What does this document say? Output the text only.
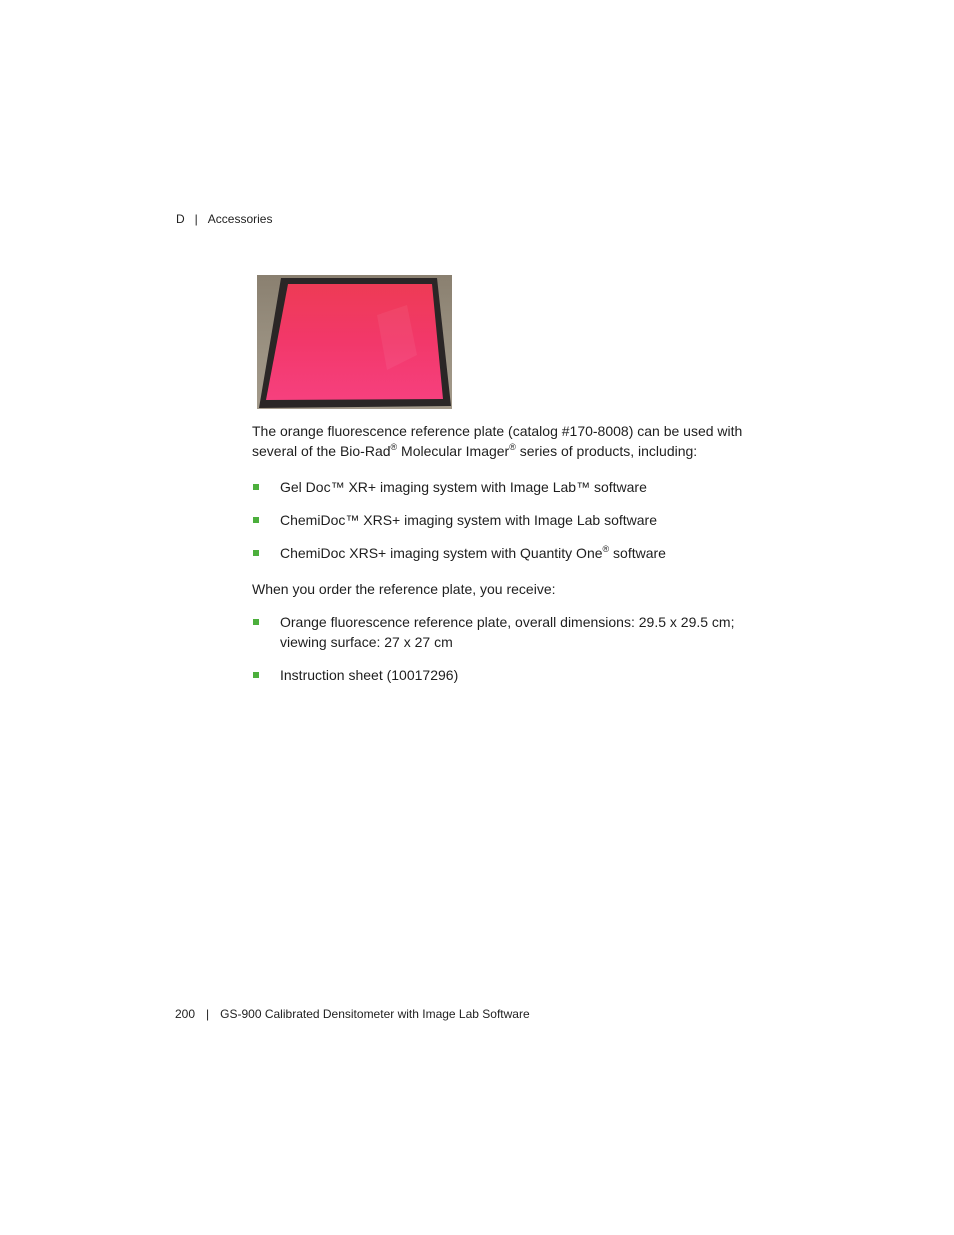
D | Accessories
The orange fluorescence reference plate (catalog #170-8008) can be used with several of the Bio-Rad® Molecular Imager® series of products, including:
Gel Doc™ XR+ imaging system with Image Lab™ software
ChemiDoc™ XRS+ imaging system with Image Lab software
ChemiDoc XRS+ imaging system with Quantity One® software
When you order the reference plate, you receive:
Orange fluorescence reference plate, overall dimensions: 29.5 x 29.5 cm; viewing surface: 27 x 27 cm
Instruction sheet (10017296)
200 | GS-900 Calibrated Densitometer with Image Lab Software
